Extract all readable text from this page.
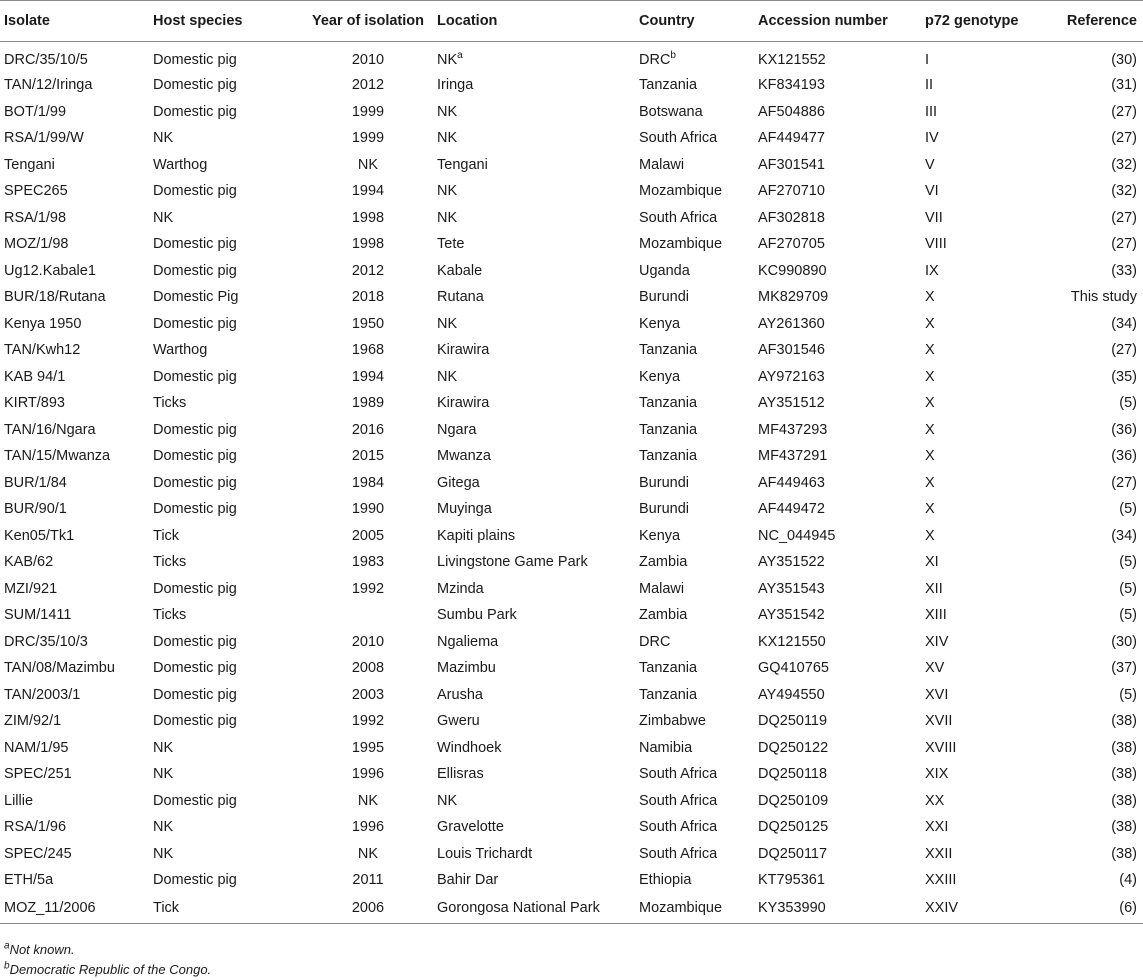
Isolate	Host species	Year of isolation	Location	Country	Accession number	p72 genotype	Reference
DRC/35/10/5	Domestic pig	2010	$NK^a$	DRC$^b$	KX121552	I	(30)
TAN/12/Iringa	Domestic pig	2012	Iringa	Tanzania	KF834193	II	(31)
BOT/1/99	Domestic pig	1999	NK	Botswana	AF504886	III	(27)
RSA/1/99/W	NK	1999	NK	South Africa	AF449477	IV	(27)
Tengani	Warthog	NK	Tengani	Malawi	AF301541	V	(32)
SPEC265	Domestic pig	1994	NK	Mozambique	AF270710	VI	(32)
RSA/1/98	NK	1998	NK	South Africa	AF302818	VII	(27)
MOZ/1/98	Domestic pig	1998	Tete	Mozambique	AF270705	VIII	(27)
Ug12.Kabale1	Domestic pig	2012	Kabale	Uganda	KC990890	IX	(33)
BUR/18/Rutana	Domestic Pig	2018	Rutana	Burundi	MK829709	X	This study
Kenya 1950	Domestic pig	1950	NK	Kenya	AY261360	X	(34)
TAN/Kwh12	Warthog	1968	Kirawira	Tanzania	AF301546	X	(27)
KAB 94/1	Domestic pig	1994	NK	Kenya	AY972163	X	(35)
KIRT/893	Ticks	1989	Kirawira	Tanzania	AY351512	X	(5)
TAN/16/Ngara	Domestic pig	2016	Ngara	Tanzania	MF437293	X	(36)
TAN/15/Mwanza	Domestic pig	2015	Mwanza	Tanzania	MF437291	X	(36)
BUR/1/84	Domestic pig	1984	Gitega	Burundi	AF449463	X	(27)
BUR/90/1	Domestic pig	1990	Muyinga	Burundi	AF449472	X	(5)
Ken05/Tk1	Tick	2005	Kapiti plains	Kenya	NC_044945	X	(34)
KAB/62	Ticks	1983	Livingstone Game Park	Zambia	AY351522	XI	(5)
MZI/921	Domestic pig	1992	Mzinda	Malawi	AY351543	XII	(5)
SUM/1411	Ticks		Sumbu Park	Zambia	AY351542	XIII	(5)
DRC/35/10/3	Domestic pig	2010	Ngaliema	DRC	KX121550	XIV	(30)
TAN/08/Mazimbu	Domestic pig	2008	Mazimbu	Tanzania	GQ410765	XV	(37)
TAN/2003/1	Domestic pig	2003	Arusha	Tanzania	AY494550	XVI	(5)
ZIM/92/1	Domestic pig	1992	Gweru	Zimbabwe	DQ250119	XVII	(38)
NAM/1/95	NK	1995	Windhoek	Namibia	DQ250122	XVIII	(38)
SPEC/251	NK	1996	Ellisras	South Africa	DQ250118	XIX	(38)
Lillie	Domestic pig	NK	NK	South Africa	DQ250109	XX	(38)
RSA/1/96	NK	1996	Gravelotte	South Africa	DQ250125	XXI	(38)
SPEC/245	NK	NK	Louis Trichardt	South Africa	DQ250117	XXII	(38)
ETH/5a	Domestic pig	2011	Bahir Dar	Ethiopia	KT795361	XXIII	(4)
MOZ_11/2006	Tick	2006	Gorongosa National Park	Mozambique	KY353990	XXIV	(6)
$^a$Not known.
$^b$Democratic Republic of the Congo.
